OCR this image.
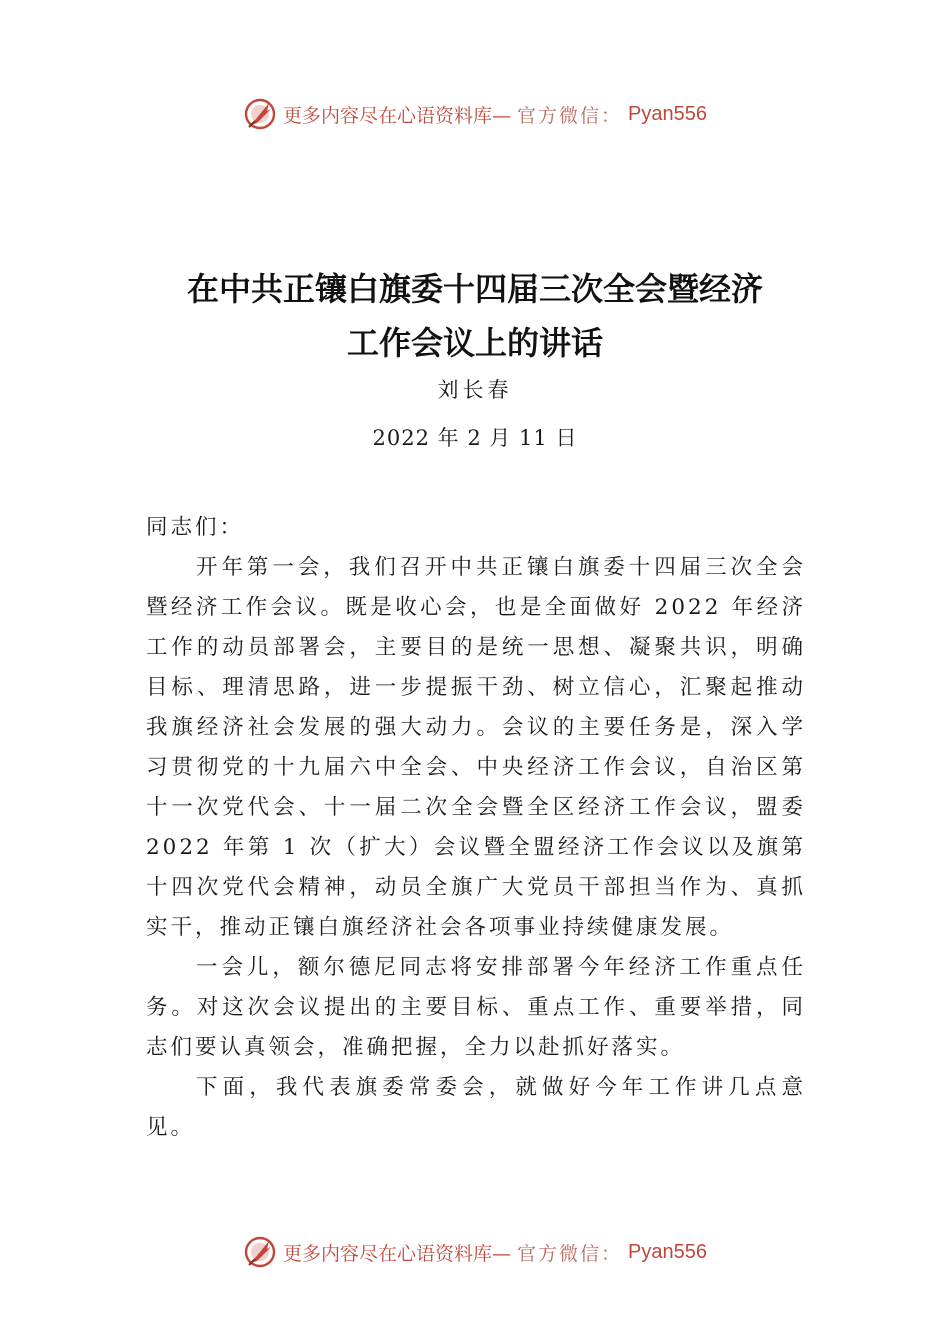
更多内容尽在心语资料库— 官方微信： Pyan556
在中共正镶白旗委十四届三次全会暨经济
工作会议上的讲话
刘长春
2022 年 2 月 11 日
同志们：

开年第一会，我们召开中共正镶白旗委十四届三次全会暨经济工作会议。既是收心会，也是全面做好 2022 年经济工作的动员部署会，主要目的是统一思想、凝聚共识，明确目标、理清思路，进一步提振干劲、树立信心，汇聚起推动我旗经济社会发展的强大动力。会议的主要任务是，深入学习贯彻党的十九届六中全会、中央经济工作会议，自治区第十一次党代会、十一届二次全会暨全区经济工作会议，盟委 2022 年第 1 次（扩大）会议暨全盟经济工作会议以及旗第十四次党代会精神，动员全旗广大党员干部担当作为、真抓实干，推动正镶白旗经济社会各项事业持续健康发展。

一会儿，额尔德尼同志将安排部署今年经济工作重点任务。对这次会议提出的主要目标、重点工作、重要举措，同志们要认真领会，准确把握，全力以赴抓好落实。

下面，我代表旗委常委会，就做好今年工作讲几点意见。

更多内容尽在心语资料库— 官方微信： Pyan556
